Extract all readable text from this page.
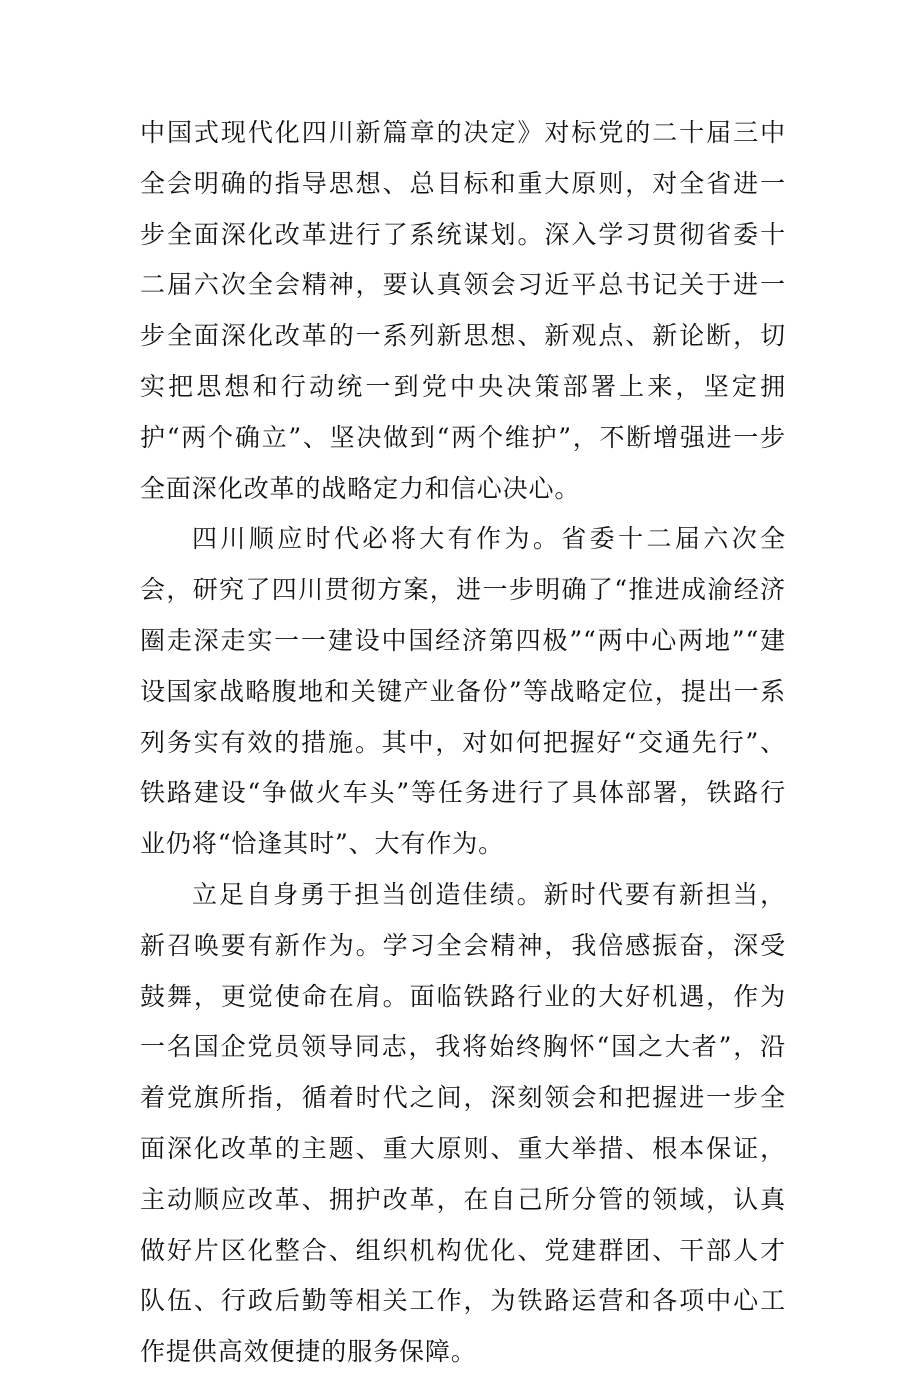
中国式现代化四川新篇章的决定》对标党的二十届三中全会明确的指导思想、总目标和重大原则，对全省进一步全面深化改革进行了系统谋划。深入学习贯彻省委十二届六次全会精神，要认真领会习近平总书记关于进一步全面深化改革的一系列新思想、新观点、新论断，切实把思想和行动统一到党中央决策部署上来，坚定拥护“两个确立”、坚决做到“两个维护”，不断增强进一步全面深化改革的战略定力和信心决心。

四川顺应时代必将大有作为。省委十二届六次全会，研究了四川贯彻方案，进一步明确了“推进成渝经济圈走深走实一一建设中国经济第四极”“两中心两地”“建设国家战略腹地和关键产业备份”等战略定位，提出一系列务实有效的措施。其中，对如何把握好“交通先行”、铁路建设“争做火车头”等任务进行了具体部署，铁路行业仍将“恰逢其时”、大有作为。

立足自身勇于担当创造佳绩。新时代要有新担当，新召唤要有新作为。学习全会精神，我倍感振奋，深受鼓舞，更觉使命在肩。面临铁路行业的大好机遇，作为一名国企党员领导同志，我将始终胸怀“国之大者”，沿着党旗所指，循着时代之间，深刻领会和把握进一步全面深化改革的主题、重大原则、重大举措、根本保证，主动顺应改革、拥护改革，在自己所分管的领域，认真做好片区化整合、组织机构优化、党建群团、干部人才队伍、行政后勤等相关工作，为铁路运营和各项中心工作提供高效便捷的服务保障。
